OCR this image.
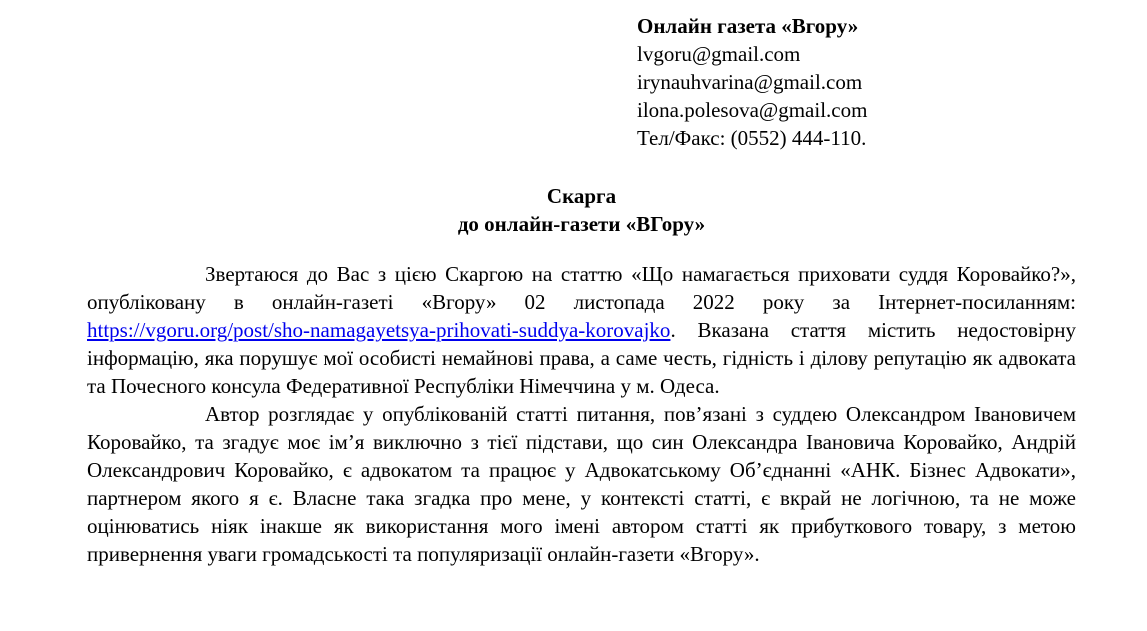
Онлайн газета «Вгору»
lvgoru@gmail.com
irynauhvarina@gmail.com
ilona.polesova@gmail.com
Тел/Факс: (0552) 444-110.
Скарга
до онлайн-газети «ВГору»

Звертаюся до Вас з цією Скаргою на статтю «Що намагається приховати суддя Коровайко?», опубліковану в онлайн-газеті «Вгору» 02 листопада 2022 року за Інтернет-посиланням: https://vgoru.org/post/sho-namagayetsya-prihovati-suddya-korovajko. Вказана стаття містить недостовірну інформацію, яка порушує мої особисті немайнові права, а саме честь, гідність і ділову репутацію як адвоката та Почесного консула Федеративної Республіки Німеччина у м. Одеса.

Автор розглядає у опублікованій статті питання, пов’язані з суддею Олександром Івановичем Коровайко, та згадує моє ім’я виключно з тієї підстави, що син Олександра Івановича Коровайко, Андрій Олександрович Коровайко, є адвокатом та працює у Адвокатському Об’єднанні «АНК. Бізнес Адвокати», партнером якого я є. Власне така згадка про мене, у контексті статті, є вкрай не логічною, та не може оцінюватись ніяк інакше як використання мого імені автором статті як прибуткового товару, з метою привернення уваги громадськості та популяризації онлайн-газети «Вгору».
